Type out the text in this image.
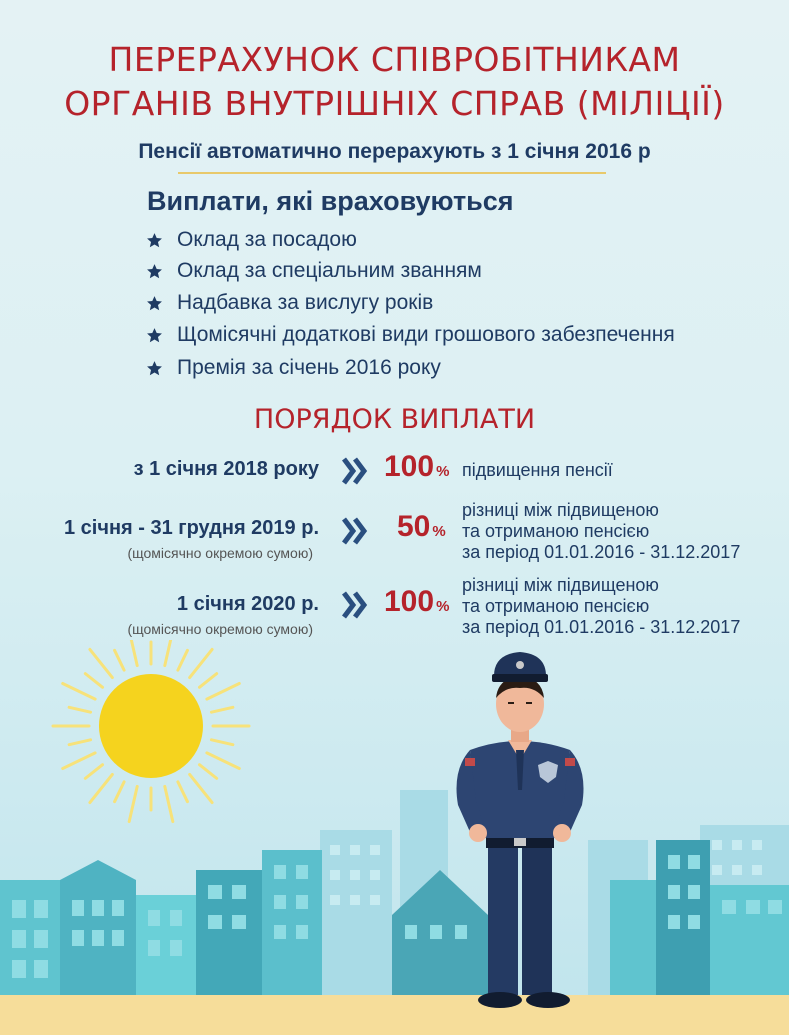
ПЕРЕРАХУНОК СПІВРОБІТНИКАМ
ОРГАНІВ ВНУТРІШНІХ СПРАВ (МІЛІЦІЇ)
Пенсії автоматично перерахують з 1 січня 2016 р
Виплати, які враховуються
Оклад за посадою
Оклад за спеціальним званням
Надбавка за вислугу років
Щомісячні додаткові види грошового забезпечення
Премія за січень 2016 року
ПОРЯДОК ВИПЛАТИ
з 1 січня 2018 року 100 % підвищення пенсії
1 січня - 31 грудня 2019 р.
(щомісячно окремою сумою)
50 %
різниці між підвищеною
та отриманою пенсією
за період 01.01.2016 - 31.12.2017
1 січня 2020 р.
(щомісячно окремою сумою)
100 %
різниці між підвищеною
та отриманою пенсією
за період 01.01.2016 - 31.12.2017
